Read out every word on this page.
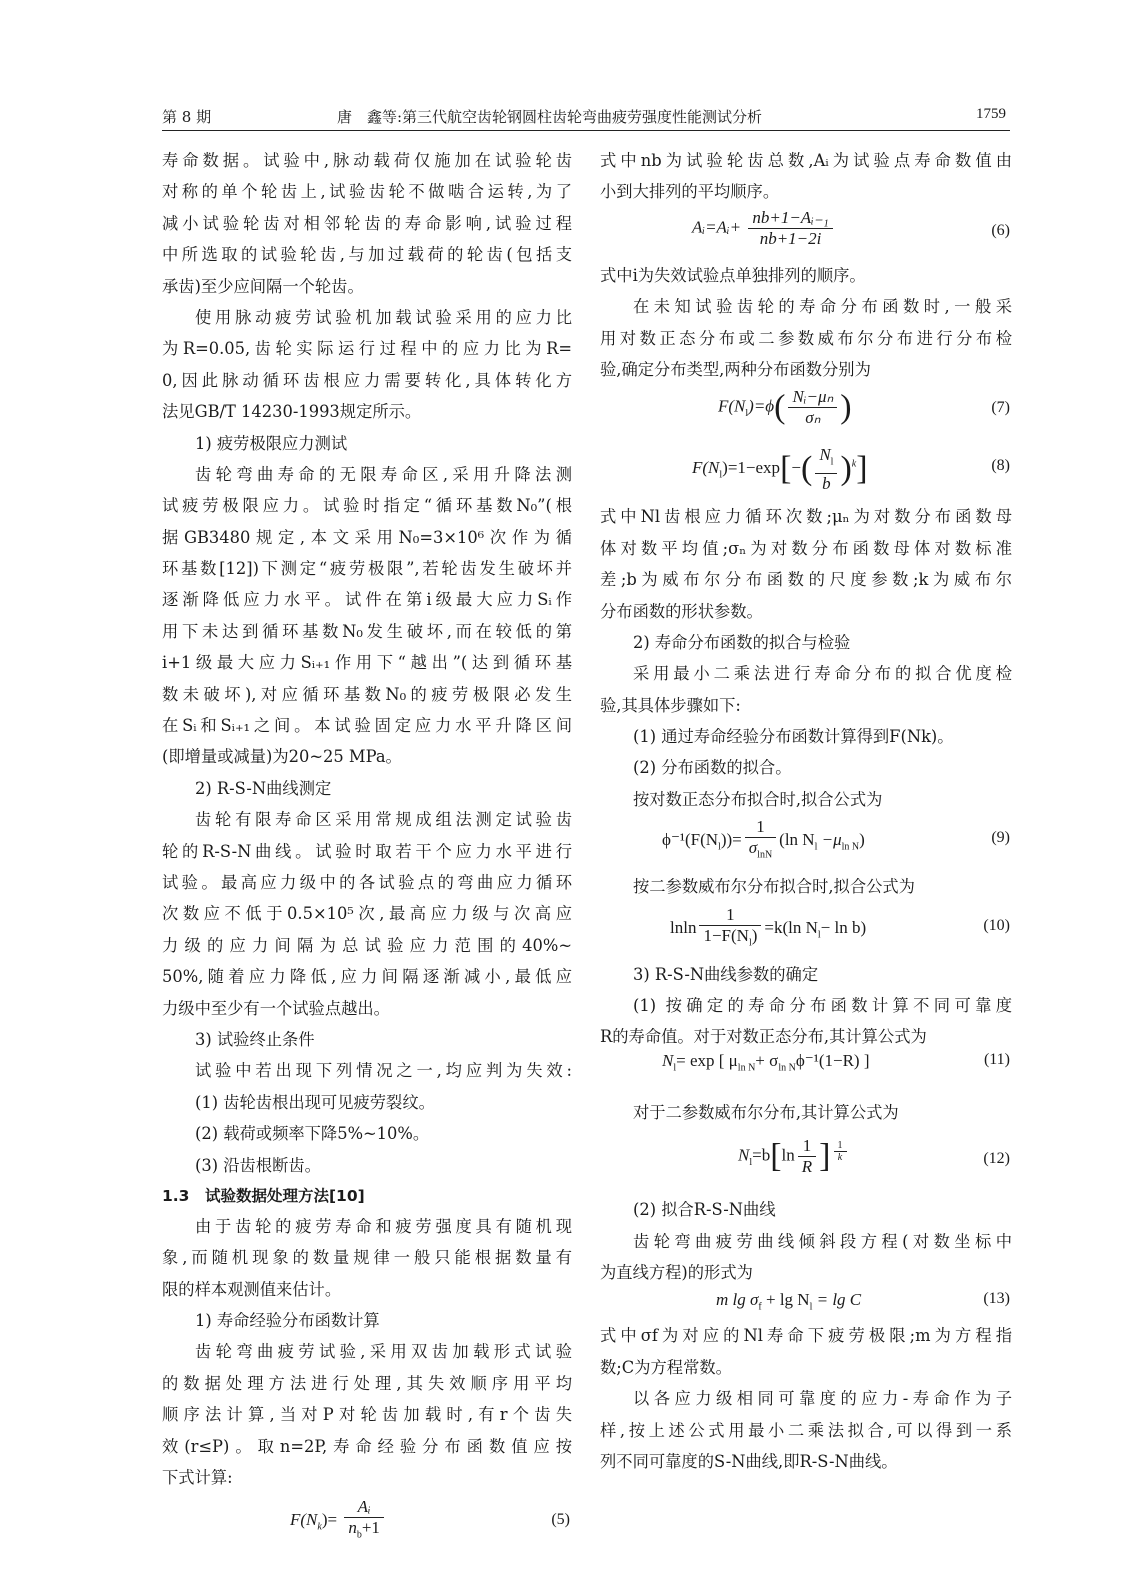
第 8 期	唐　鑫等:第三代航空齿轮钢圆柱齿轮弯曲疲劳强度性能测试分析	1759
寿命数据。试验中,脉动载荷仅施加在试验轮齿
对称的单个轮齿上,试验齿轮不做啮合运转,为了
减小试验轮齿对相邻轮齿的寿命影响,试验过程
中所选取的试验轮齿,与加过载荷的轮齿(包括支
承齿)至少应间隔一个轮齿。
使用脉动疲劳试验机加载试验采用的应力比
为R=0.05,齿轮实际运行过程中的应力比为R=
0,因此脉动循环齿根应力需要转化,具体转化方
法见GB/T 14230-1993规定所示。
1) 疲劳极限应力测试
齿轮弯曲寿命的无限寿命区,采用升降法测
试疲劳极限应力。试验时指定“循环基数N₀”(根
据GB3480规定,本文采用N₀=3×10⁶次作为循
环基数[12])下测定“疲劳极限”,若轮齿发生破坏并
逐渐降低应力水平。试件在第i级最大应力Sᵢ作
用下未达到循环基数N₀发生破坏,而在较低的第
i+1级最大应力Sᵢ₊₁作用下“越出”(达到循环基
数未破坏),对应循环基数N₀的疲劳极限必发生
在Sᵢ和Sᵢ₊₁之间。本试验固定应力水平升降区间
(即增量或减量)为20~25 MPa。
2) R-S-N曲线测定
齿轮有限寿命区采用常规成组法测定试验齿
轮的R-S-N曲线。试验时取若干个应力水平进行
试验。最高应力级中的各试验点的弯曲应力循环
次数应不低于0.5×10⁵次,最高应力级与次高应
力级的应力间隔为总试验应力范围的40%~
50%,随着应力降低,应力间隔逐渐减小,最低应
力级中至少有一个试验点越出。
3) 试验终止条件
试验中若出现下列情况之一,均应判为失效:
(1) 齿轮齿根出现可见疲劳裂纹。
(2) 载荷或频率下降5%~10%。
(3) 沿齿根断齿。
1.3　试验数据处理方法[10]
由于齿轮的疲劳寿命和疲劳强度具有随机现
象,而随机现象的数量规律一般只能根据数量有
限的样本观测值来估计。
1) 寿命经验分布函数计算
齿轮弯曲疲劳试验,采用双齿加载形式试验
的数据处理方法进行处理,其失效顺序用平均
顺序法计算,当对P对轮齿加载时,有r个齿失
效(r≤P)。取n=2P,寿命经验分布函数值应按
下式计算:
$F(N_k)= \frac{\text{Aᵢ}}{n_b+1}$	(5)
式中nb为试验轮齿总数,Aᵢ为试验点寿命数值由
小到大排列的平均顺序。
Aᵢ=Aᵢ+ $\frac{\text{nb+1−Aᵢ₋₁}}{nb+1-2i}$	(6)
式中i为失效试验点单独排列的顺序。
在未知试验齿轮的寿命分布函数时,一般采
用对数正态分布或二参数威布尔分布进行分布检
验,确定分布类型,两种分布函数分别为
$F(N_l)=\phi( \frac{\text{Nᵢ−μₙ}}{\text{σₙ}}$ )	(7)
$F(N_l)=1-\exp[-( \frac{N_l}{b} )^k]$	(8)
式中Nl齿根应力循环次数;μₙ为对数分布函数母
体对数平均值;σₙ为对数分布函数母体对数标准
差;b为威布尔分布函数的尺度参数;k为威布尔
分布函数的形状参数。
2) 寿命分布函数的拟合与检验
采用最小二乘法进行寿命分布的拟合优度检
验,其具体步骤如下:
(1) 通过寿命经验分布函数计算得到F(Nk)。
(2) 分布函数的拟合。
按对数正态分布拟合时,拟合公式为
$\phi^{-1}(F(N_l))= \frac{1}{\sigma_{lnN}} (\ln$ $N_l -\mu_{ln N}$)	(9)
按二参数威布尔分布拟合时,拟合公式为
lnln $\frac{1}{1-F(N_l)} =k(\ln$ $N_l- \ln b$)	(10)
3) R-S-N曲线参数的确定
(1) 按确定的寿命分布函数计算不同可靠度
R的寿命值。对于对数正态分布,其计算公式为
$N_l= \exp$ [ $\mu_{ln N}+ \sigma_{ln N}\phi^{-1}(1-R)$ ]	(11)
对于二参数威布尔分布,其计算公式为
$N_l=b[\ln \frac{1}{R}$ ] $^{\frac{1}{k}}$	(12)
(2) 拟合R-S-N曲线
齿轮弯曲疲劳曲线倾斜段方程(对数坐标中
为直线方程)的形式为
m $\lg \sigma_f + \lg N_l = \lg C$	(13)
式中σf为对应的Nl寿命下疲劳极限;m为方程指
数;C为方程常数。
以各应力级相同可靠度的应力-寿命作为子
样,按上述公式用最小二乘法拟合,可以得到一系
列不同可靠度的S-N曲线,即R-S-N曲线。
